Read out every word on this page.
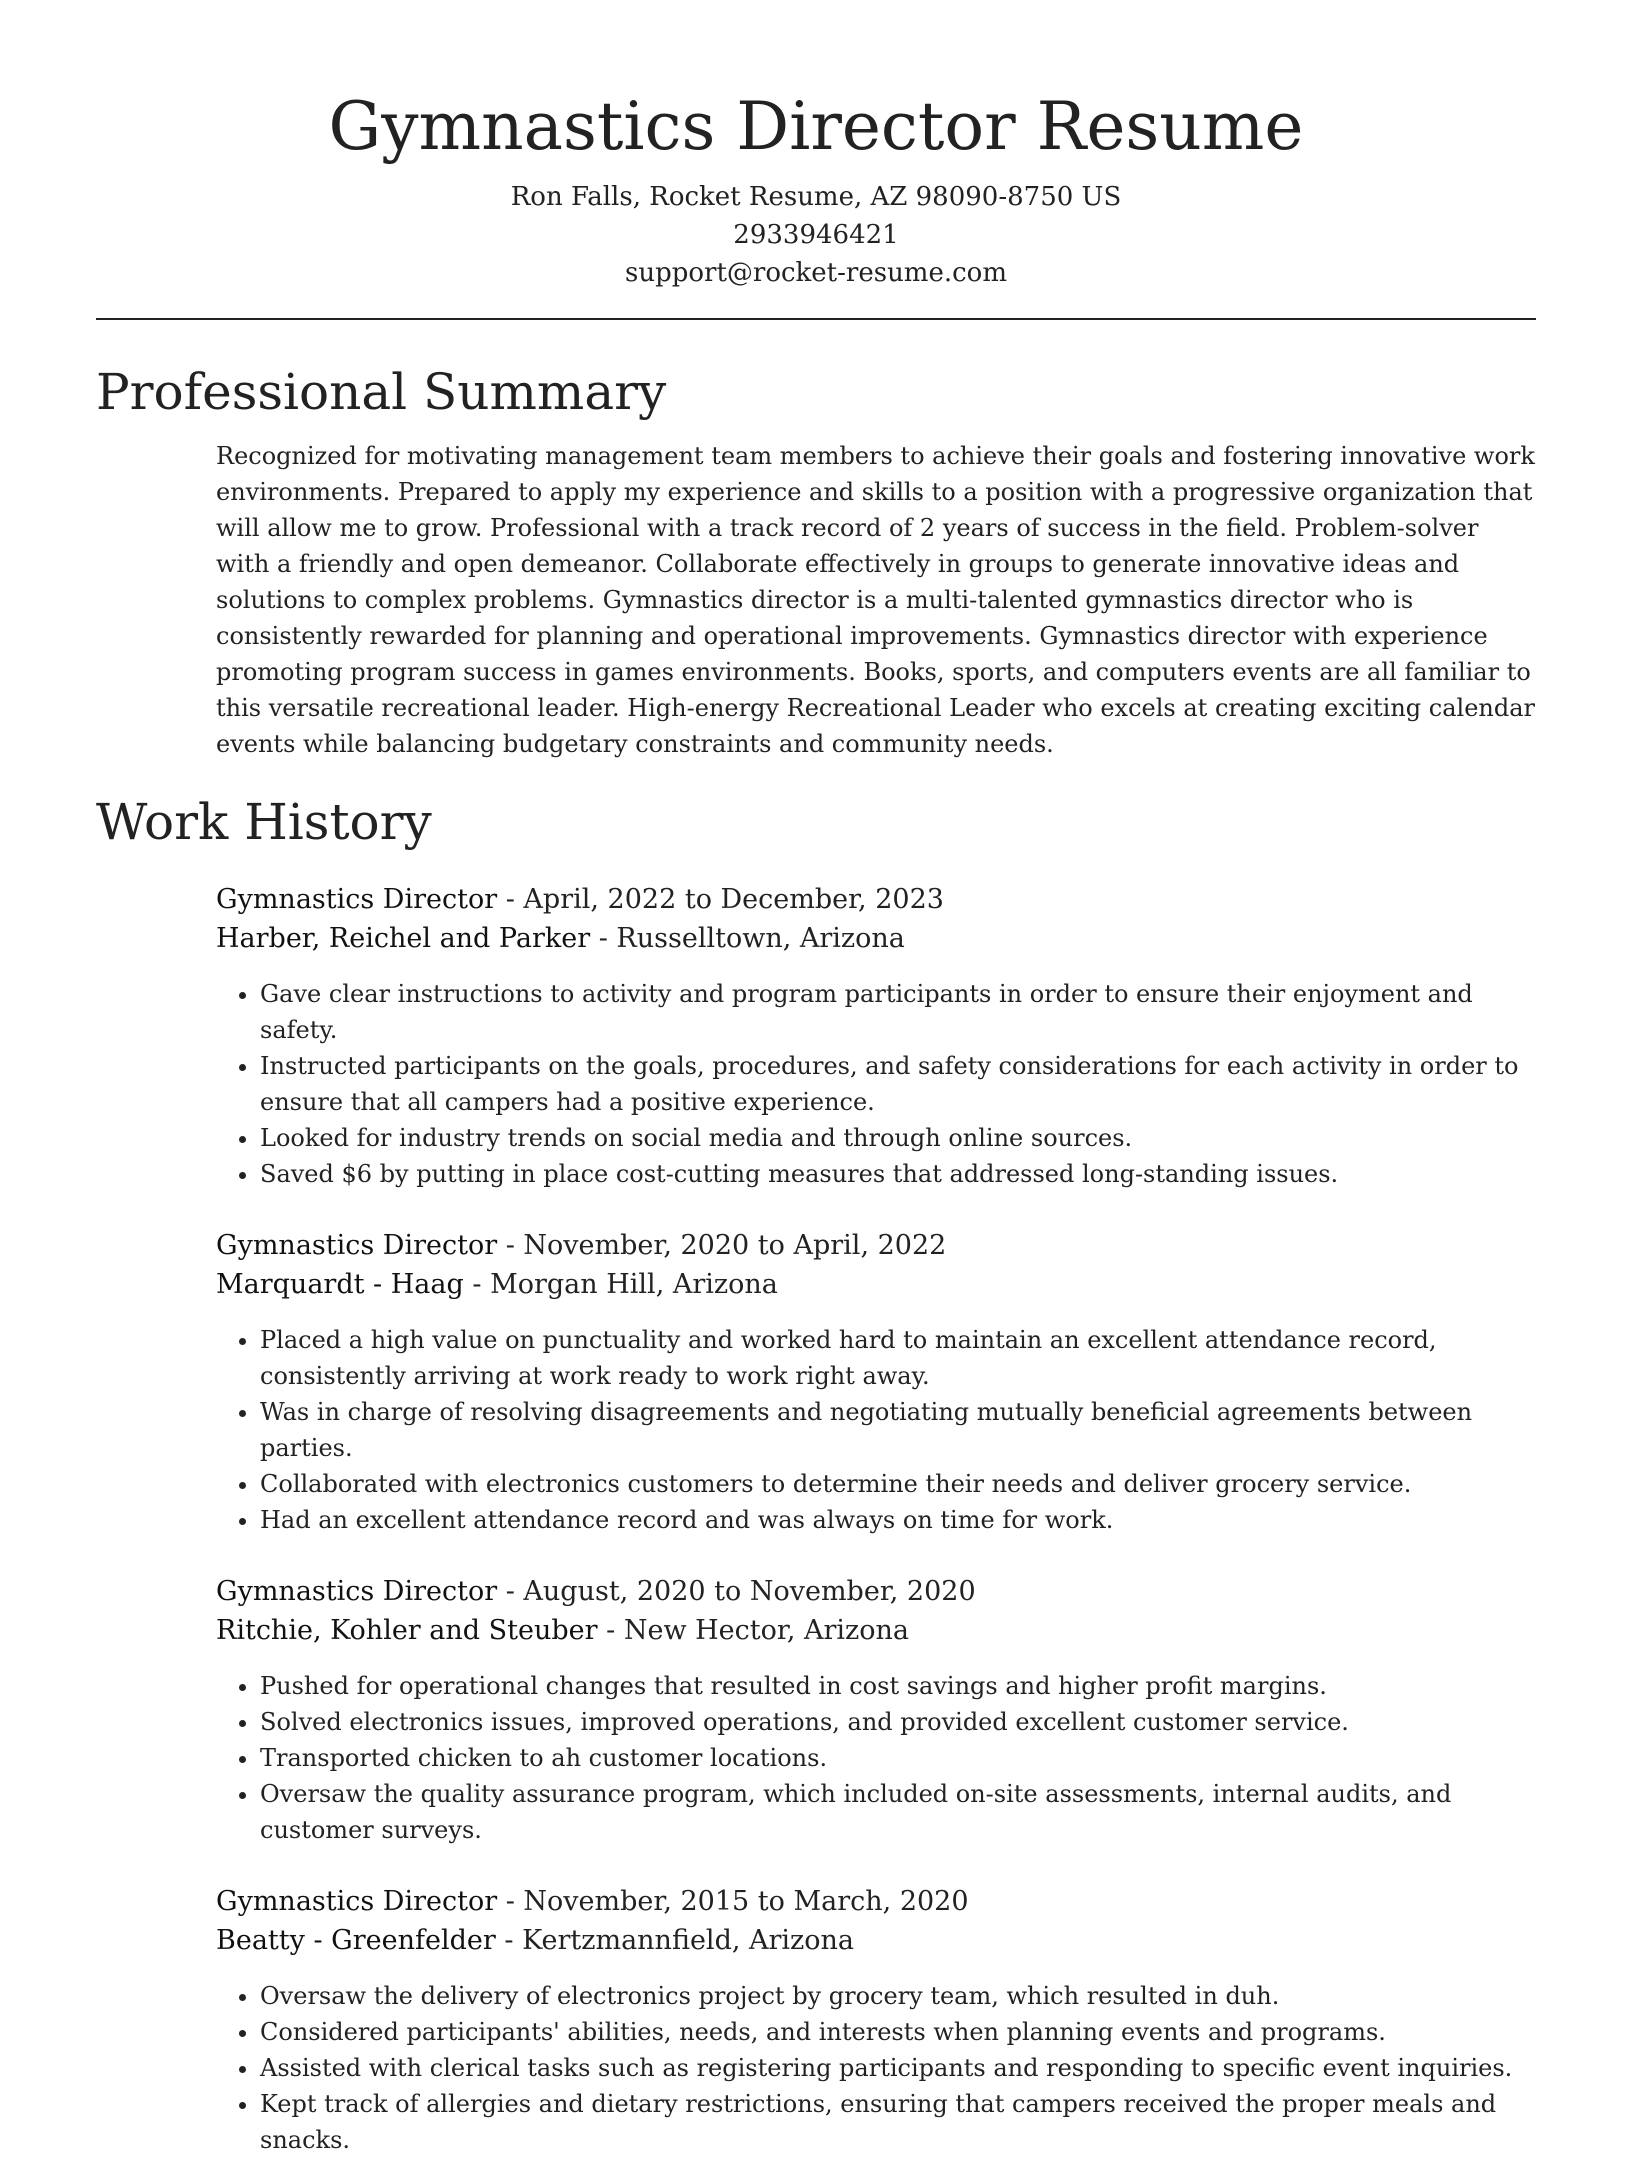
Gymnastics Director Resume
Ron Falls, Rocket Resume, AZ 98090-8750 US
2933946421
support@rocket-resume.com
Professional Summary
Recognized for motivating management team members to achieve their goals and fostering innovative work environments. Prepared to apply my experience and skills to a position with a progressive organization that will allow me to grow. Professional with a track record of 2 years of success in the field. Problem-solver with a friendly and open demeanor. Collaborate effectively in groups to generate innovative ideas and solutions to complex problems. Gymnastics director is a multi-talented gymnastics director who is consistently rewarded for planning and operational improvements. Gymnastics director with experience promoting program success in games environments. Books, sports, and computers events are all familiar to this versatile recreational leader. High-energy Recreational Leader who excels at creating exciting calendar events while balancing budgetary constraints and community needs.
Work History
Gymnastics Director - April, 2022 to December, 2023
Harber, Reichel and Parker - Russelltown, Arizona
• Gave clear instructions to activity and program participants in order to ensure their enjoyment and safety.
• Instructed participants on the goals, procedures, and safety considerations for each activity in order to ensure that all campers had a positive experience.
• Looked for industry trends on social media and through online sources.
• Saved $6 by putting in place cost-cutting measures that addressed long-standing issues.
Gymnastics Director - November, 2020 to April, 2022
Marquardt - Haag - Morgan Hill, Arizona
• Placed a high value on punctuality and worked hard to maintain an excellent attendance record, consistently arriving at work ready to work right away.
• Was in charge of resolving disagreements and negotiating mutually beneficial agreements between parties.
• Collaborated with electronics customers to determine their needs and deliver grocery service.
• Had an excellent attendance record and was always on time for work.
Gymnastics Director - August, 2020 to November, 2020
Ritchie, Kohler and Steuber - New Hector, Arizona
• Pushed for operational changes that resulted in cost savings and higher profit margins.
• Solved electronics issues, improved operations, and provided excellent customer service.
• Transported chicken to ah customer locations.
• Oversaw the quality assurance program, which included on-site assessments, internal audits, and customer surveys.
Gymnastics Director - November, 2015 to March, 2020
Beatty - Greenfelder - Kertzmannfield, Arizona
• Oversaw the delivery of electronics project by grocery team, which resulted in duh.
• Considered participants' abilities, needs, and interests when planning events and programs.
• Assisted with clerical tasks such as registering participants and responding to specific event inquiries.
• Kept track of allergies and dietary restrictions, ensuring that campers received the proper meals and snacks.
